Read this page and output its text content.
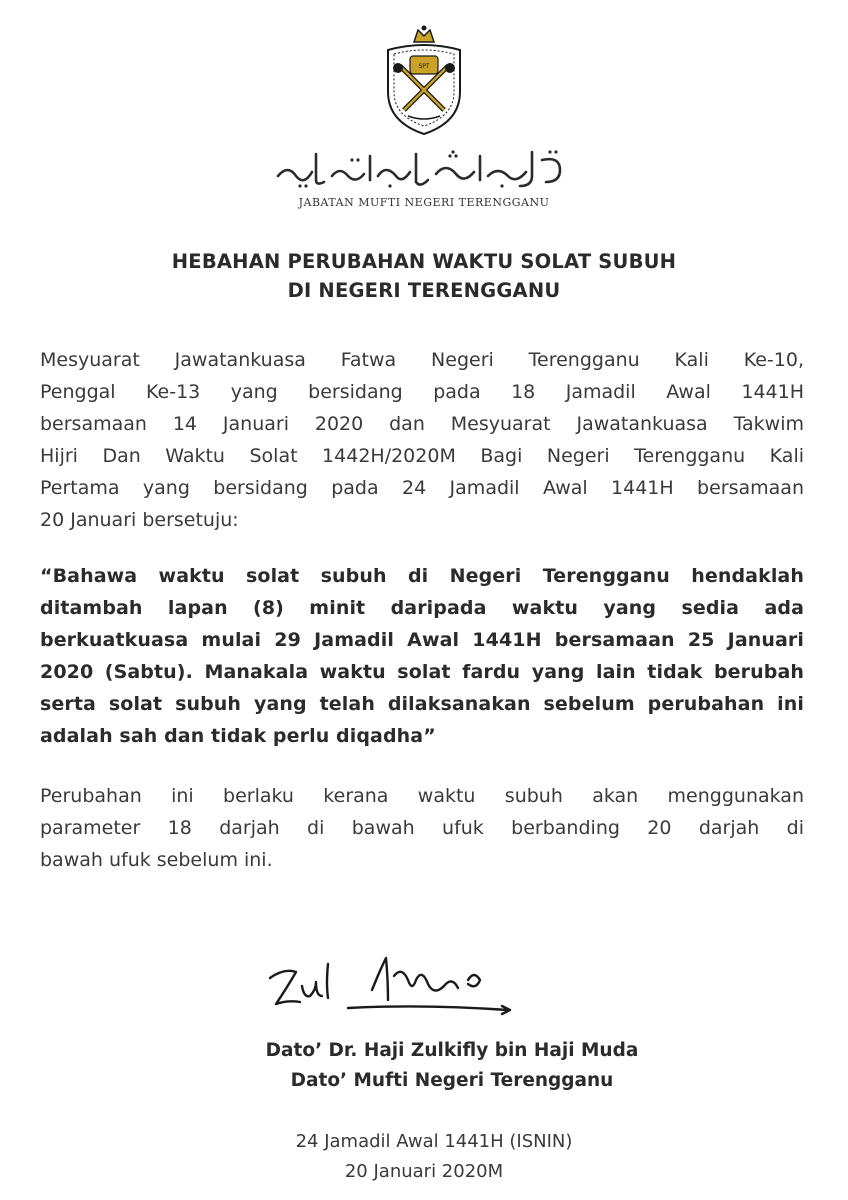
SPT
JABATAN MUFTI NEGERI TERENGGANU
HEBAHAN PERUBAHAN WAKTU SOLAT SUBUH
DI NEGERI TERENGGANU
Mesyuarat Jawatankuasa Fatwa Negeri Terengganu Kali Ke-10,
Penggal Ke-13 yang bersidang pada 18 Jamadil Awal 1441H
bersamaan 14 Januari 2020 dan Mesyuarat Jawatankuasa Takwim
Hijri Dan Waktu Solat 1442H/2020M Bagi Negeri Terengganu Kali
Pertama yang bersidang pada 24 Jamadil Awal 1441H bersamaan
20 Januari bersetuju:
“Bahawa waktu solat subuh di Negeri Terengganu hendaklah
ditambah lapan (8) minit daripada waktu yang sedia ada
berkuatkuasa mulai 29 Jamadil Awal 1441H bersamaan 25 Januari
2020 (Sabtu). Manakala waktu solat fardu yang lain tidak berubah
serta solat subuh yang telah dilaksanakan sebelum perubahan ini
adalah sah dan tidak perlu diqadha”
Perubahan ini berlaku kerana waktu subuh akan menggunakan
parameter 18 darjah di bawah ufuk berbanding 20 darjah di
bawah ufuk sebelum ini.
Dato’ Dr. Haji Zulkifly bin Haji Muda
Dato’ Mufti Negeri Terengganu
24 Jamadil Awal 1441H (ISNIN)
20 Januari 2020M
